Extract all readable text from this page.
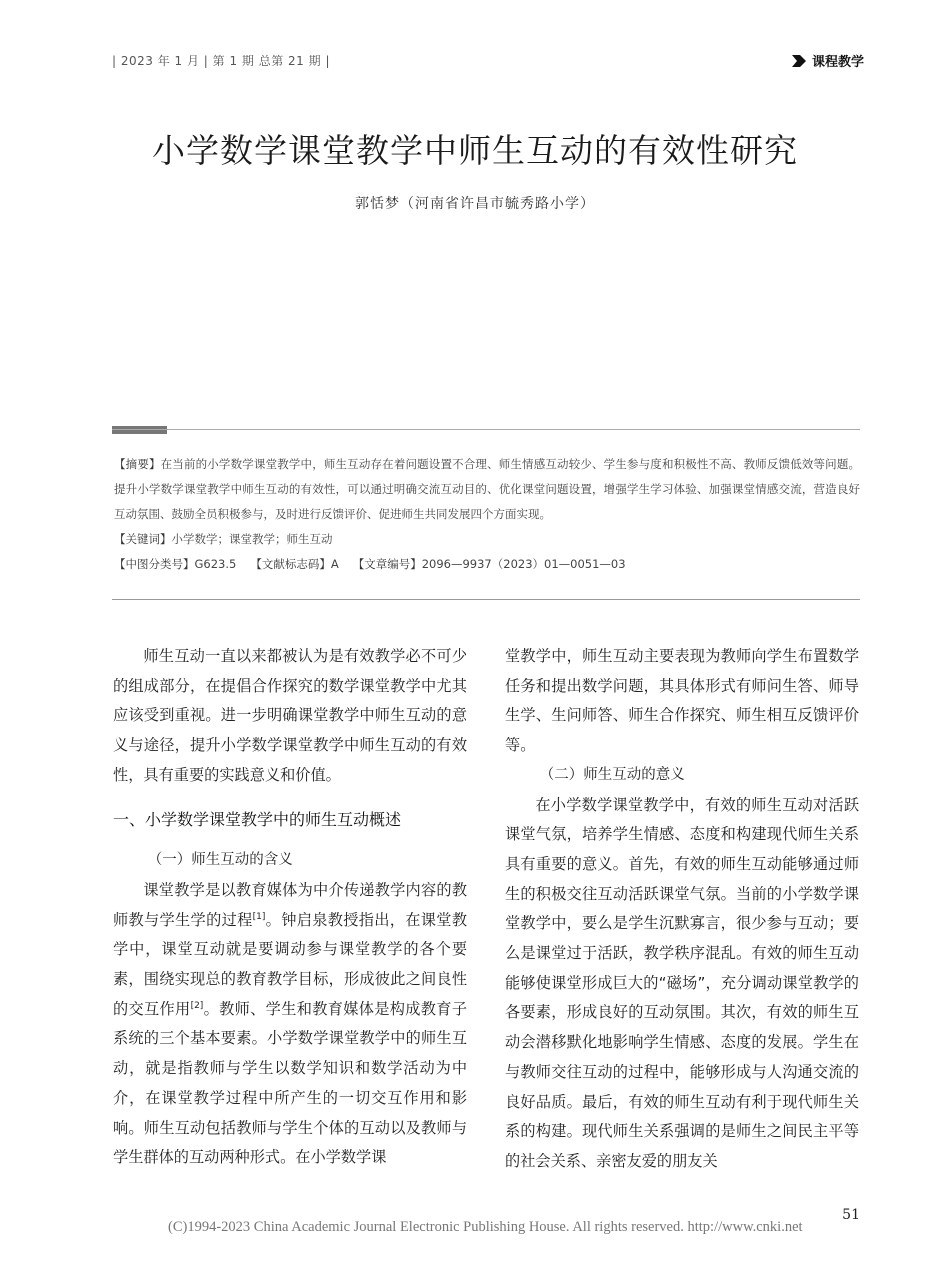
| 2023 年 1 月 | 第 1 期 总第 21 期 |	课程教学
小学数学课堂教学中师生互动的有效性研究
郭恬梦（河南省许昌市毓秀路小学）

【摘要】在当前的小学数学课堂教学中，师生互动存在着问题设置不合理、师生情感互动较少、学生参与度和积极性不高、教师反馈低效等问题。提升小学数学课堂教学中师生互动的有效性，可以通过明确交流互动目的、优化课堂问题设置，增强学生学习体验、加强课堂情感交流，营造良好互动氛围、鼓励全员积极参与，及时进行反馈评价、促进师生共同发展四个方面实现。

【关键词】小学数学；课堂教学；师生互动

【中图分类号】G623.5 【文献标志码】A 【文章编号】2096—9937（2023）01—0051—03

师生互动一直以来都被认为是有效教学必不可少的组成部分，在提倡合作探究的数学课堂教学中尤其应该受到重视。进一步明确课堂教学中师生互动的意义与途径，提升小学数学课堂教学中师生互动的有效性，具有重要的实践意义和价值。

一、小学数学课堂教学中的师生互动概述

（一）师生互动的含义

课堂教学是以教育媒体为中介传递教学内容的教师教与学生学的过程[1]。钟启泉教授指出，在课堂教学中，课堂互动就是要调动参与课堂教学的各个要素，围绕实现总的教育教学目标，形成彼此之间良性的交互作用[2]。教师、学生和教育媒体是构成教育子系统的三个基本要素。小学数学课堂教学中的师生互动，就是指教师与学生以数学知识和数学活动为中介，在课堂教学过程中所产生的一切交互作用和影响。师生互动包括教师与学生个体的互动以及教师与学生群体的互动两种形式。在小学数学课

堂教学中，师生互动主要表现为教师向学生布置数学任务和提出数学问题，其具体形式有师问生答、师导生学、生问师答、师生合作探究、师生相互反馈评价等。

（二）师生互动的意义

在小学数学课堂教学中，有效的师生互动对活跃课堂气氛，培养学生情感、态度和构建现代师生关系具有重要的意义。首先，有效的师生互动能够通过师生的积极交往互动活跃课堂气氛。当前的小学数学课堂教学中，要么是学生沉默寡言，很少参与互动；要么是课堂过于活跃，教学秩序混乱。有效的师生互动能够使课堂形成巨大的“磁场”，充分调动课堂教学的各要素，形成良好的互动氛围。其次，有效的师生互动会潜移默化地影响学生情感、态度的发展。学生在与教师交往互动的过程中，能够形成与人沟通交流的良好品质。最后，有效的师生互动有利于现代师生关系的构建。现代师生关系强调的是师生之间民主平等的社会关系、亲密友爱的朋友关

51
(C)1994-2023 China Academic Journal Electronic Publishing House. All rights reserved. http://www.cnki.net
